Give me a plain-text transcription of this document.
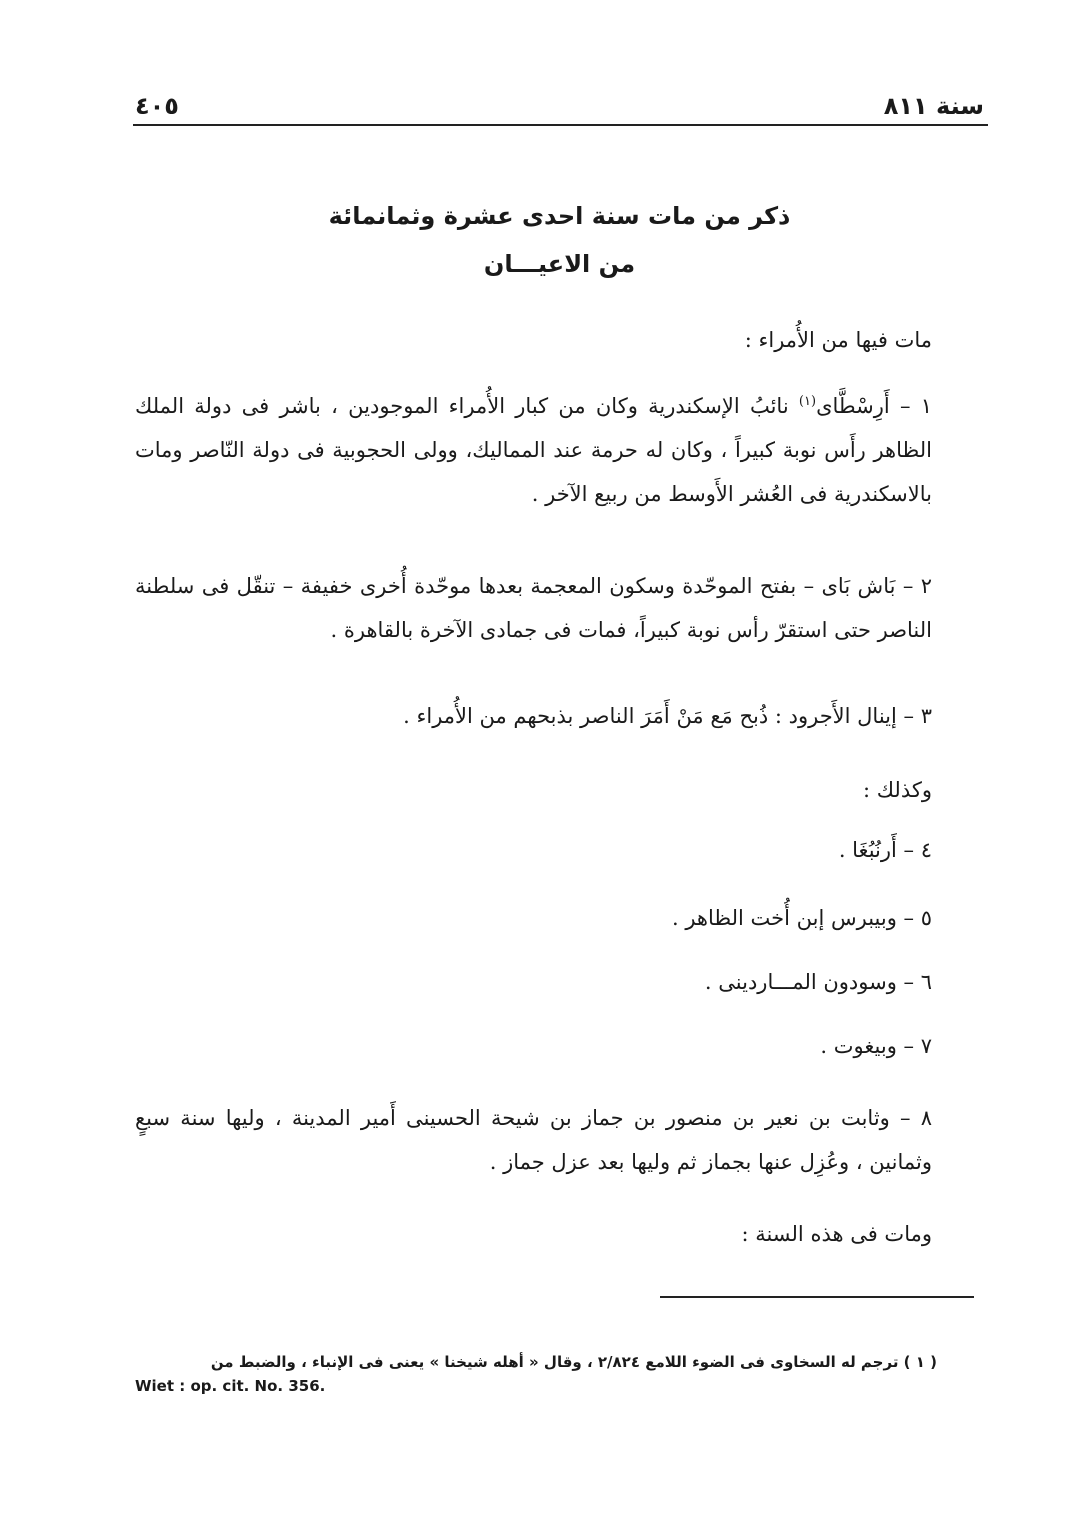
سنة ٨١١
٤٠٥
ذكر من مات سنة احدى عشرة وثمانمائة
من الاعيـــان
مات فيها من الأُمراء :
١ – أَرِسْطَّاى$^{(١)}$ نائبُ الإسكندرية وكان من كبار الأُمراء الموجودين ، باشر فى دولة الملك الظاهر رأَس نوبة كبيراً ، وكان له حرمة عند المماليك، وولى الحجوبية فى دولة النّاصر ومات بالاسكندرية فى العُشر الأَوسط من ربيع الآخر .
٢ – بَاش بَاى – بفتح الموحّدة وسكون المعجمة بعدها موحّدة أُخرى خفيفة – تنقّل فى سلطنة الناصر حتى استقرّ رأس نوبة كبيراً، فمات فى جمادى الآخرة بالقاهرة .
٣ – إينال الأَجرود : ذُبح مَع مَنْ أَمَرَ الناصر بذبحهم من الأُمراء .
وكذلك :
٤ – أَرنُبُغَا .
٥ – وبيبرس إبن أُخت الظاهر .
٦ – وسودون المـــاردينى .
٧ – وبيغوت .
٨ – وثابت بن نعير بن منصور بن جماز بن شيحة الحسينى أَمير المدينة ، وليها سنة سبعٍ وثمانين ، وعُزِل عنها بجماز ثم وليها بعد عزل جماز .
ومات فى هذه السنة :
( ١ ) ترجم له السخاوى فى الضوء اللامع ٢/٨٢٤ ، وقال « أهله شيخنا » يعنى فى الإنباء ، والضبط من
Wiet : op. cit. No. 356.
